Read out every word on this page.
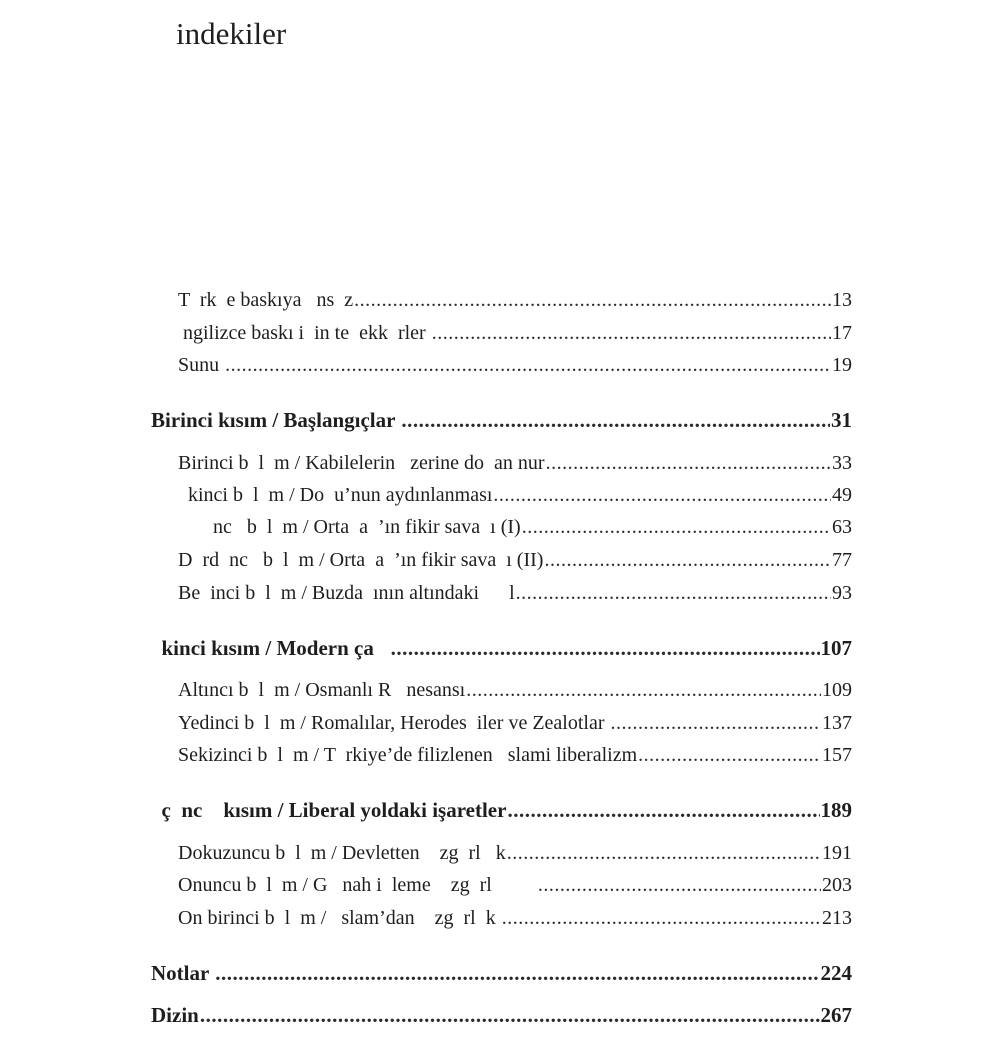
indekiler
T  rk  e baskıya   ns  z .....	13
ngilizce baskı i  in te  ekk  rler .....	17
Sunu .....	19
Birinci kısım / Başlangıçlar .....	31
Birinci b  l  m / Kabilelerin   zerine do  an nur .....	33
kinci b  l  m / Do  u’nun aydınlanması .....	49
nc   b  l  m / Orta  a  ’ın fikir sava  ı (I) .....	63
D  rd  nc   b  l  m / Orta  a  ’ın fikir sava  ı (II) .....	77
Be  inci b  l  m / Buzda  ının altındaki      l .....	93
kinci kısım / Modern ça .....	107
Altıncı b  l  m / Osmanlı R   nesansı .....	109
Yedinci b  l  m / Romalılar, Herodes  iler ve Zealotlar .....	137
Sekizinci b  l  m / T  rkiye’de filizlenen   slami liberalizm .....	157
ç  nc    kısım / Liberal yoldaki işaretler .....	189
Dokuzuncu b  l  m / Devletten    zg  rl   k .....	191
Onuncu b  l  m / G   nah i  leme    zg  rl .....	203
On birinci b  l  m /   slam’dan    zg  rl  k .....	213
Notlar .....	224
Dizin .....	267
